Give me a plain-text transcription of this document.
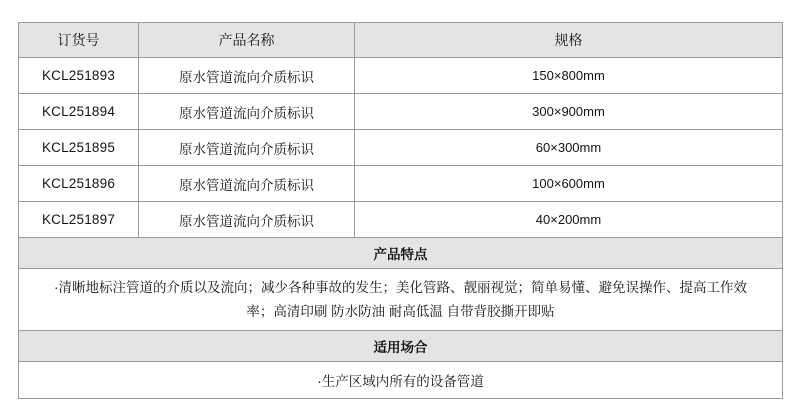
订货号	产品名称	规格
KCL251893	原水管道流向介质标识	150×800mm
KCL251894	原水管道流向介质标识	300×900mm
KCL251895	原水管道流向介质标识	60×300mm
KCL251896	原水管道流向介质标识	100×600mm
KCL251897	原水管道流向介质标识	40×200mm
产品特点		

·清晰地标注管道的介质以及流向；减少各种事故的发生；美化管路、靓丽视觉；简单易懂、避免误操作、提高工作效
率；高清印刷 防水防油 耐高低温 自带背胶撕开即贴		

适用场合		
·生产区域内所有的设备管道		
